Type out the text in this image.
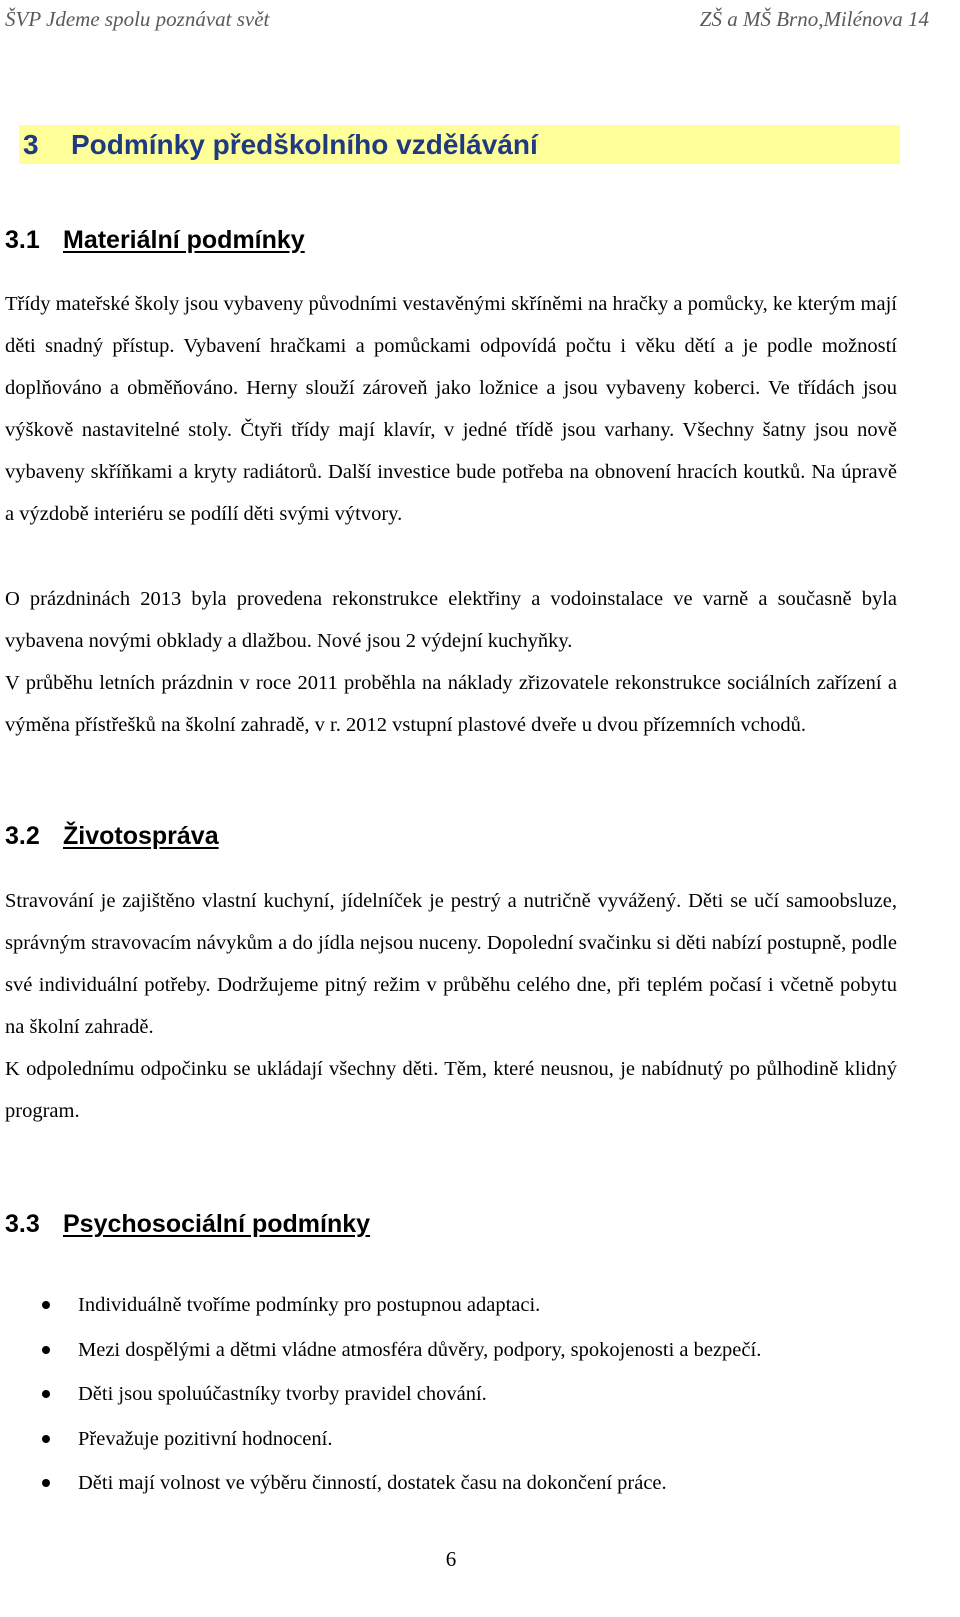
ŠVP Jdeme spolu poznávat svět	ZŠ a MŠ Brno,Milénova 14
3 Podmínky předškolního vzdělávání
3.1 Materiální podmínky

Třídy mateřské školy jsou vybaveny původními vestavěnými skříněmi na hračky a pomůcky, ke kterým mají děti snadný přístup. Vybavení hračkami a pomůckami odpovídá počtu i věku dětí a je podle možností doplňováno a obměňováno. Herny slouží zároveň jako ložnice a jsou vybaveny koberci. Ve třídách jsou výškově nastavitelné stoly. Čtyři třídy mají klavír, v jedné třídě jsou varhany. Všechny šatny jsou nově vybaveny skříňkami a kryty radiátorů. Další investice bude potřeba na obnovení hracích koutků. Na úpravě a výzdobě interiéru se podílí děti svými výtvory.

O prázdninách 2013 byla provedena rekonstrukce elektřiny a vodoinstalace ve varně a současně byla vybavena novými obklady a dlažbou. Nové jsou 2 výdejní kuchyňky.

V průběhu letních prázdnin v roce 2011 proběhla na náklady zřizovatele rekonstrukce sociálních zařízení a výměna přístřešků na školní zahradě, v r. 2012 vstupní plastové dveře u dvou přízemních vchodů.

3.2 Životospráva

Stravování je zajištěno vlastní kuchyní, jídelníček je pestrý a nutričně vyvážený. Děti se učí samoobsluze, správným stravovacím návykům a do jídla nejsou nuceny. Dopolední svačinku si děti nabízí postupně, podle své individuální potřeby. Dodržujeme pitný režim v průběhu celého dne, při teplém počasí i včetně pobytu na školní zahradě.

K odpolednímu odpočinku se ukládají všechny děti. Těm, které neusnou, je nabídnutý po půlhodině klidný program.

3.3 Psychosociální podmínky
Individuálně tvoříme podmínky pro postupnou adaptaci.
Mezi dospělými a dětmi vládne atmosféra důvěry, podpory, spokojenosti a bezpečí.
Děti jsou spoluúčastníky tvorby pravidel chování.
Převažuje pozitivní hodnocení.
Děti mají volnost ve výběru činností, dostatek času na dokončení práce.
6
